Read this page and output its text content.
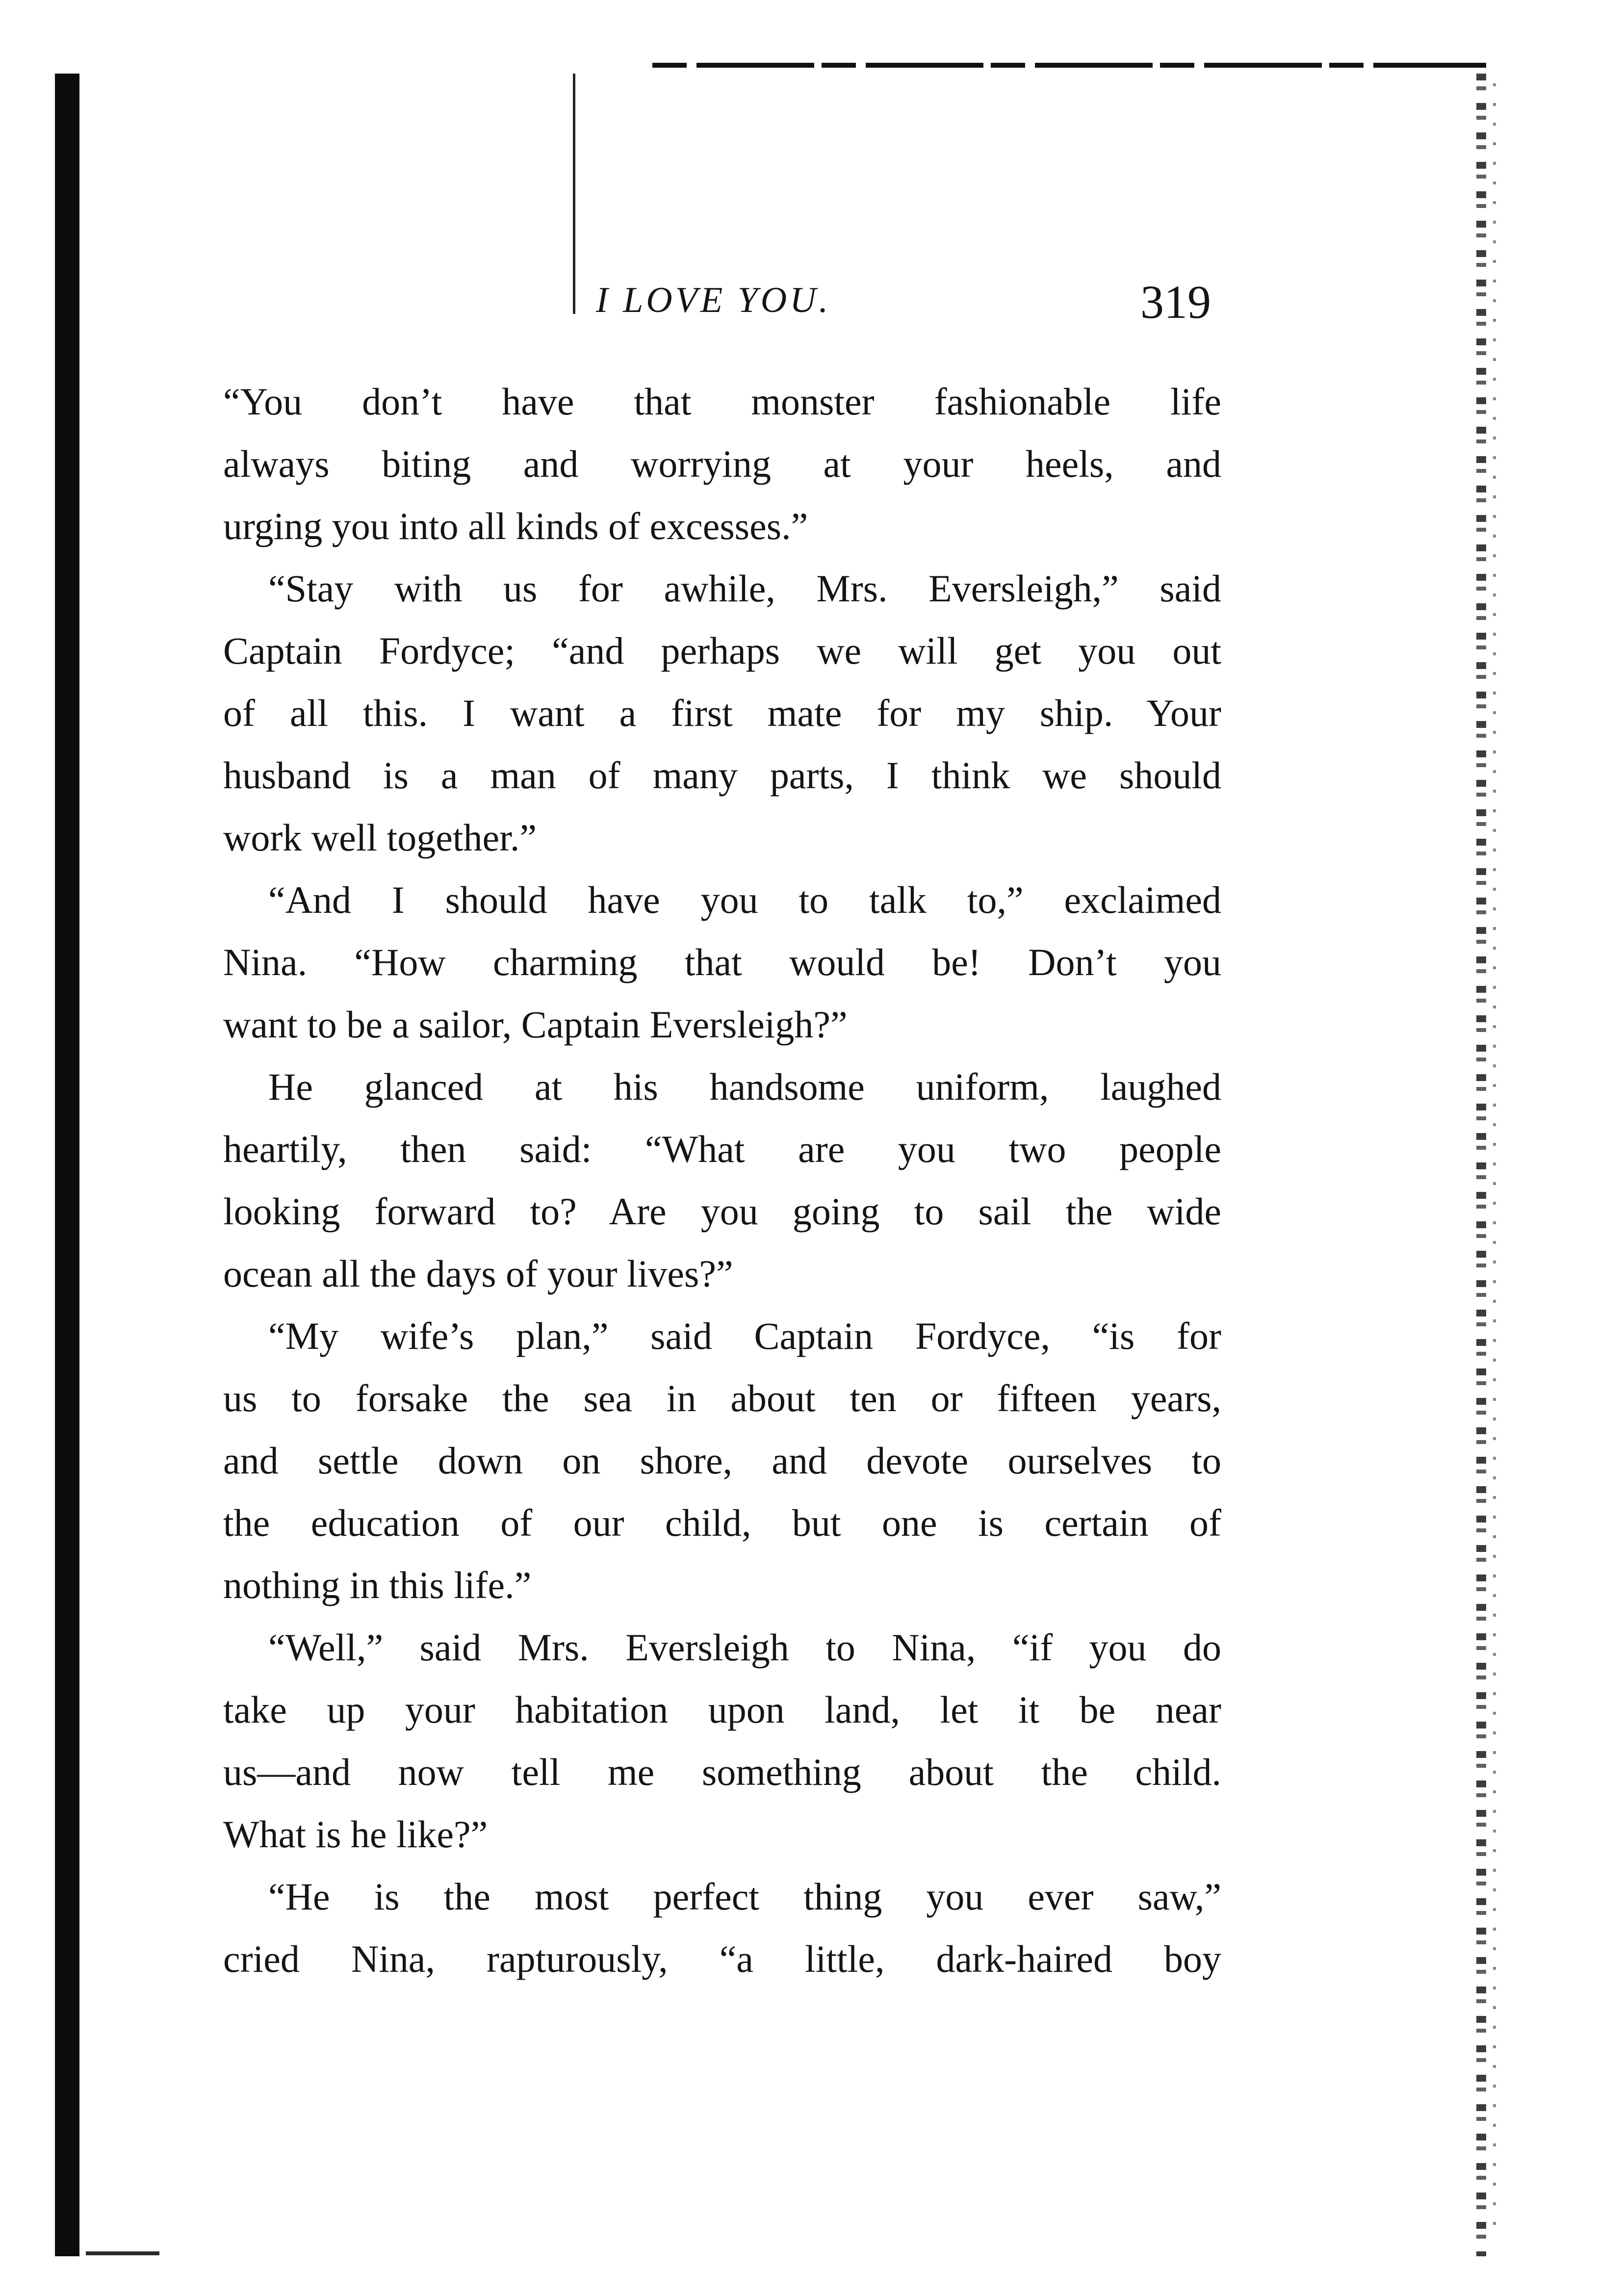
I LOVE YOU.	319
“You don’t have that monster fashionable life
always biting and worrying at your heels, and
urging you into all kinds of excesses.”
“Stay with us for awhile, Mrs. Eversleigh,” said
Captain Fordyce; “and perhaps we will get you out
of all this. I want a first mate for my ship. Your
husband is a man of many parts, I think we should
work well together.”
“And I should have you to talk to,” exclaimed
Nina. “How charming that would be! Don’t you
want to be a sailor, Captain Eversleigh?”
He glanced at his handsome uniform, laughed
heartily, then said: “What are you two people
looking forward to? Are you going to sail the wide
ocean all the days of your lives?”
“My wife’s plan,” said Captain Fordyce, “is for
us to forsake the sea in about ten or fifteen years,
and settle down on shore, and devote ourselves to
the education of our child, but one is certain of
nothing in this life.”
“Well,” said Mrs. Eversleigh to Nina, “if you do
take up your habitation upon land, let it be near
us—and now tell me something about the child.
What is he like?”
“He is the most perfect thing you ever saw,”
cried Nina, rapturously, “a little, dark-haired boy
